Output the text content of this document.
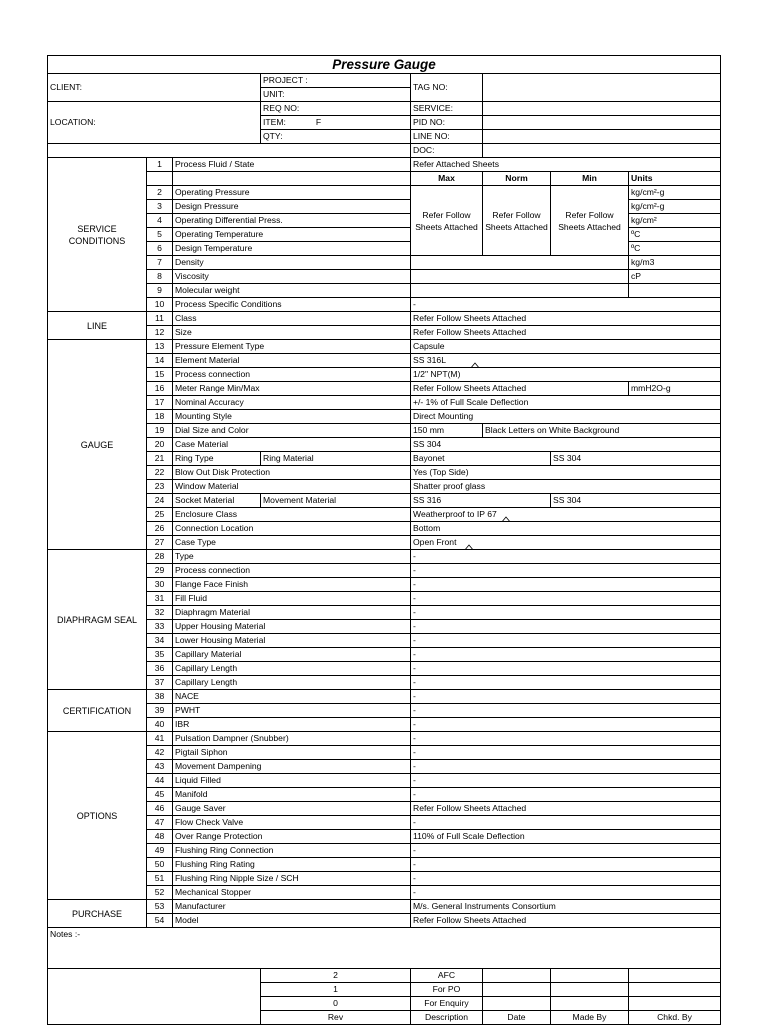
Pressure Gauge							
CLIENT:			PROJECT :	TAG NO:			
			UNIT:				
LOCATION:			REQ NO:	SERVICE:			
			ITEM: F	PID NO:			
			QTY:	LINE NO:			
				DOC:			
SERVICE CONDITIONS	1	Process Fluid / State		Refer Attached Sheets			
				Max	Norm	Min	Units
	2	Operating Pressure		Refer Follow Sheets Attached	Refer Follow Sheets Attached	Refer Follow Sheets Attached	kg/cm²-g
	3	Design Pressure					kg/cm²-g
	4	Operating Differential Press.					kg/cm²
	5	Operating Temperature					ºC
	6	Design Temperature					ºC
	7	Density					kg/m3
	8	Viscosity					cP
	9	Molecular weight					
	10	Process Specific Conditions		-			
LINE	11	Class		Refer Follow Sheets Attached			
	12	Size		Refer Follow Sheets Attached			
GAUGE	13	Pressure Element Type		Capsule			
	14	Element Material		SS 316L			

	15	Process connection		1/2" NPT(M)			
	16	Meter Range Min/Max		Refer Follow Sheets Attached			mmH2O-g
	17	Nominal Accuracy		+/- 1% of Full Scale Deflection			
	18	Mounting Style		Direct Mounting			
	19	Dial Size and Color		150 mm	Black Letters on White Background		
	20	Case Material		SS 304			
	21	Ring Type	Ring Material	Bayonet		SS 304	
	22	Blow Out Disk Protection		Yes (Top Side)			
	23	Window Material		Shatter proof glass			
	24	Socket Material	Movement Material	SS 316		SS 304	
	25	Enclosure Class		Weatherproof to IP 67			

	26	Connection Location		Bottom			
	27	Case Type		Open Front			

DIAPHRAGM SEAL	28	Type		-			
	29	Process connection		-			
	30	Flange Face Finish		-			
	31	Fill Fluid		-			
	32	Diaphragm Material		-			
	33	Upper Housing Material		-			
	34	Lower Housing Material		-			
	35	Capillary Material		-			
	36	Capillary Length		-			
	37	Capillary Length		-			
CERTIFICATION	38	NACE		-			
	39	PWHT		-			
	40	IBR		-			
OPTIONS	41	Pulsation Dampner (Snubber)		-			
	42	Pigtail Siphon		-			
	43	Movement Dampening		-			
	44	Liquid Filled		-			
	45	Manifold		-			
	46	Gauge Saver		Refer Follow Sheets Attached			
	47	Flow Check Valve		-			
	48	Over Range Protection		110% of Full Scale Deflection			
	49	Flushing Ring Connection		-			
	50	Flushing Ring Rating		-			
	51	Flushing Ring Nipple Size / SCH		-			
	52	Mechanical Stopper		-			
PURCHASE	53	Manufacturer		M/s. General Instruments Consortium			
	54	Model		Refer Follow Sheets Attached			
Notes :-							
			2	AFC			
			1	For PO			
			0	For Enquiry			
			Rev	Description	Date	Made By	Chkd. By
